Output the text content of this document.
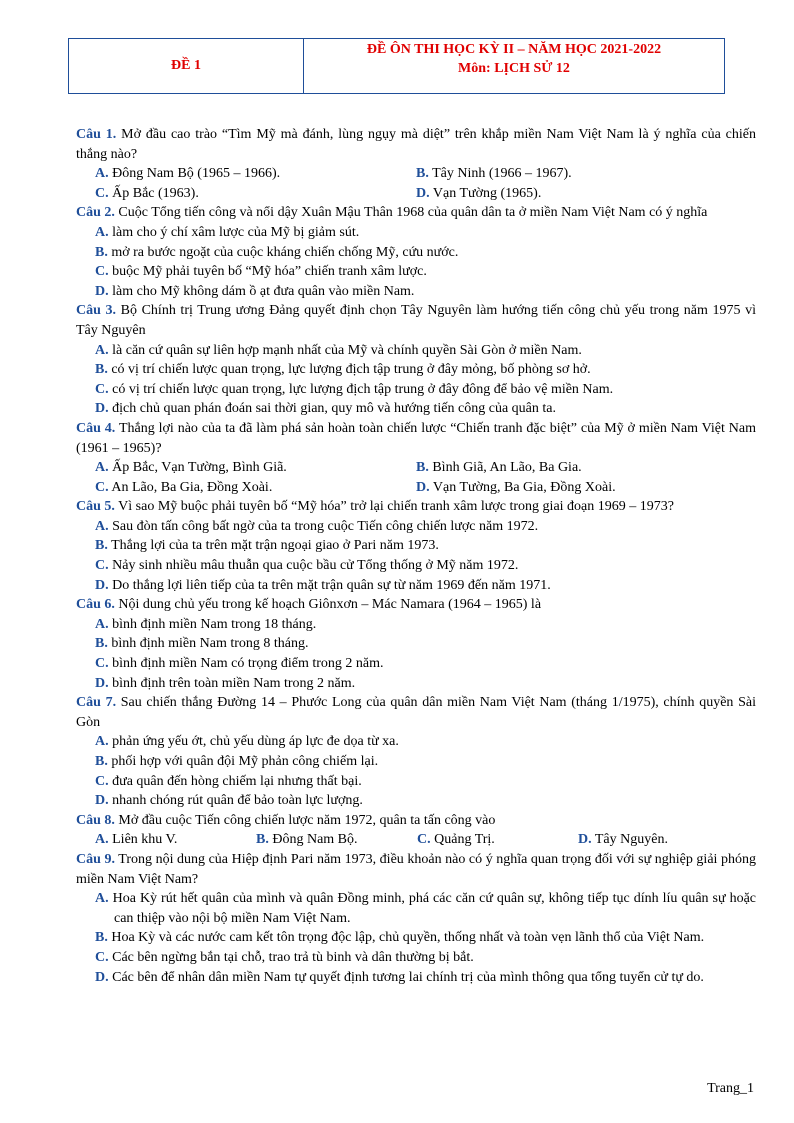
ĐỀ 1
ĐỀ ÔN THI HỌC KỲ II – NĂM HỌC 2021-2022
Môn: LỊCH SỬ 12
Câu 1. Mở đầu cao trào “Tìm Mỹ mà đánh, lùng ngụy mà diệt” trên khắp miền Nam Việt Nam là ý nghĩa của chiến thắng nào?
A. Đông Nam Bộ (1965 – 1966).	B. Tây Ninh (1966 – 1967).
C. Ấp Bắc (1963).	D. Vạn Tường (1965).
Câu 2. Cuộc Tổng tiến công và nổi dậy Xuân Mậu Thân 1968 của quân dân ta ở miền Nam Việt Nam có ý nghĩa
A. làm cho ý chí xâm lược của Mỹ bị giảm sút.
B. mở ra bước ngoặt của cuộc kháng chiến chống Mỹ, cứu nước.
C. buộc Mỹ phải tuyên bố “Mỹ hóa” chiến tranh xâm lược.
D. làm cho Mỹ không dám ồ ạt đưa quân vào miền Nam.
Câu 3. Bộ Chính trị Trung ương Đảng quyết định chọn Tây Nguyên làm hướng tiến công chủ yếu trong năm 1975 vì Tây Nguyên
A. là căn cứ quân sự liên hợp mạnh nhất của Mỹ và chính quyền Sài Gòn ở miền Nam.
B. có vị trí chiến lược quan trọng, lực lượng địch tập trung ở đây mỏng, bố phòng sơ hở.
C. có vị trí chiến lược quan trọng, lực lượng địch tập trung ở đây đông để bảo vệ miền Nam.
D. địch chủ quan phán đoán sai thời gian, quy mô và hướng tiến công của quân ta.
Câu 4. Thắng lợi nào của ta đã làm phá sản hoàn toàn chiến lược “Chiến tranh đặc biệt” của Mỹ ở miền Nam Việt Nam (1961 – 1965)?
A. Ấp Bắc, Vạn Tường, Bình Giã.	B. Bình Giã, An Lão, Ba Gia.
C. An Lão, Ba Gia, Đồng Xoài.	D. Vạn Tường, Ba Gia, Đồng Xoài.
Câu 5. Vì sao Mỹ buộc phải tuyên bố “Mỹ hóa” trở lại chiến tranh xâm lược trong giai đoạn 1969 – 1973?
A. Sau đòn tấn công bất ngờ của ta trong cuộc Tiến công chiến lược năm 1972.
B. Thắng lợi của ta trên mặt trận ngoại giao ở Pari năm 1973.
C. Nảy sinh nhiều mâu thuẫn qua cuộc bầu cử Tổng thống ở Mỹ năm 1972.
D. Do thắng lợi liên tiếp của ta trên mặt trận quân sự từ năm 1969 đến năm 1971.
Câu 6. Nội dung chủ yếu trong kế hoạch Giônxơn – Mác Namara (1964 – 1965) là
A. bình định miền Nam trong 18 tháng.
B. bình định miền Nam trong 8 tháng.
C. bình định miền Nam có trọng điểm trong 2 năm.
D. bình định trên toàn miền Nam trong 2 năm.
Câu 7. Sau chiến thắng Đường 14 – Phước Long của quân dân miền Nam Việt Nam (tháng 1/1975), chính quyền Sài Gòn
A. phản ứng yếu ớt, chủ yếu dùng áp lực đe dọa từ xa.
B. phối hợp với quân đội Mỹ phản công chiếm lại.
C. đưa quân đến hòng chiếm lại nhưng thất bại.
D. nhanh chóng rút quân để bảo toàn lực lượng.
Câu 8. Mở đầu cuộc Tiến công chiến lược năm 1972, quân ta tấn công vào
A. Liên khu V.	B. Đông Nam Bộ.	C. Quảng Trị.	D. Tây Nguyên.
Câu 9. Trong nội dung của Hiệp định Pari năm 1973, điều khoản nào có ý nghĩa quan trọng đối với sự nghiệp giải phóng miền Nam Việt Nam?
A. Hoa Kỳ rút hết quân của mình và quân Đồng minh, phá các căn cứ quân sự, không tiếp tục dính líu quân sự hoặc can thiệp vào nội bộ miền Nam Việt Nam.
B. Hoa Kỳ và các nước cam kết tôn trọng độc lập, chủ quyền, thống nhất và toàn vẹn lãnh thổ của Việt Nam.
C. Các bên ngừng bắn tại chỗ, trao trả tù binh và dân thường bị bắt.
D. Các bên để nhân dân miền Nam tự quyết định tương lai chính trị của mình thông qua tổng tuyển cử tự do.
Trang_1
